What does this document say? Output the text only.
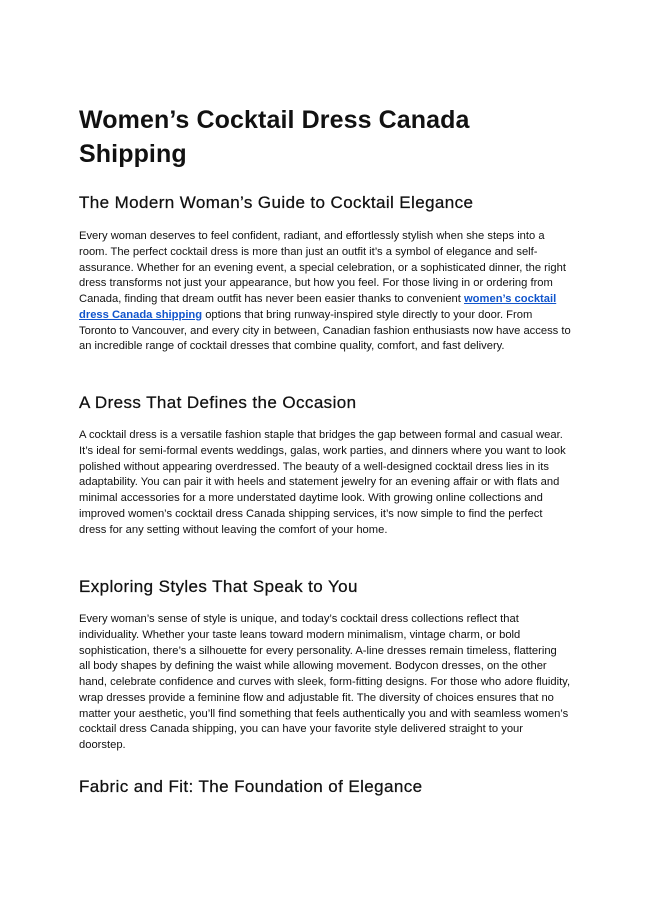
Women’s Cocktail Dress Canada Shipping
The Modern Woman’s Guide to Cocktail Elegance

Every woman deserves to feel confident, radiant, and effortlessly stylish when she steps into a room. The perfect cocktail dress is more than just an outfit it’s a symbol of elegance and self-assurance. Whether for an evening event, a special celebration, or a sophisticated dinner, the right dress transforms not just your appearance, but how you feel. For those living in or ordering from Canada, finding that dream outfit has never been easier thanks to convenient women’s cocktail dress Canada shipping options that bring runway-inspired style directly to your door. From Toronto to Vancouver, and every city in between, Canadian fashion enthusiasts now have access to an incredible range of cocktail dresses that combine quality, comfort, and fast delivery.

A Dress That Defines the Occasion

A cocktail dress is a versatile fashion staple that bridges the gap between formal and casual wear. It’s ideal for semi-formal events weddings, galas, work parties, and dinners where you want to look polished without appearing overdressed. The beauty of a well-designed cocktail dress lies in its adaptability. You can pair it with heels and statement jewelry for an evening affair or with flats and minimal accessories for a more understated daytime look. With growing online collections and improved women’s cocktail dress Canada shipping services, it’s now simple to find the perfect dress for any setting without leaving the comfort of your home.

Exploring Styles That Speak to You

Every woman’s sense of style is unique, and today’s cocktail dress collections reflect that individuality. Whether your taste leans toward modern minimalism, vintage charm, or bold sophistication, there’s a silhouette for every personality. A-line dresses remain timeless, flattering all body shapes by defining the waist while allowing movement. Bodycon dresses, on the other hand, celebrate confidence and curves with sleek, form-fitting designs. For those who adore fluidity, wrap dresses provide a feminine flow and adjustable fit. The diversity of choices ensures that no matter your aesthetic, you’ll find something that feels authentically you and with seamless women’s cocktail dress Canada shipping, you can have your favorite style delivered straight to your doorstep.

Fabric and Fit: The Foundation of Elegance
